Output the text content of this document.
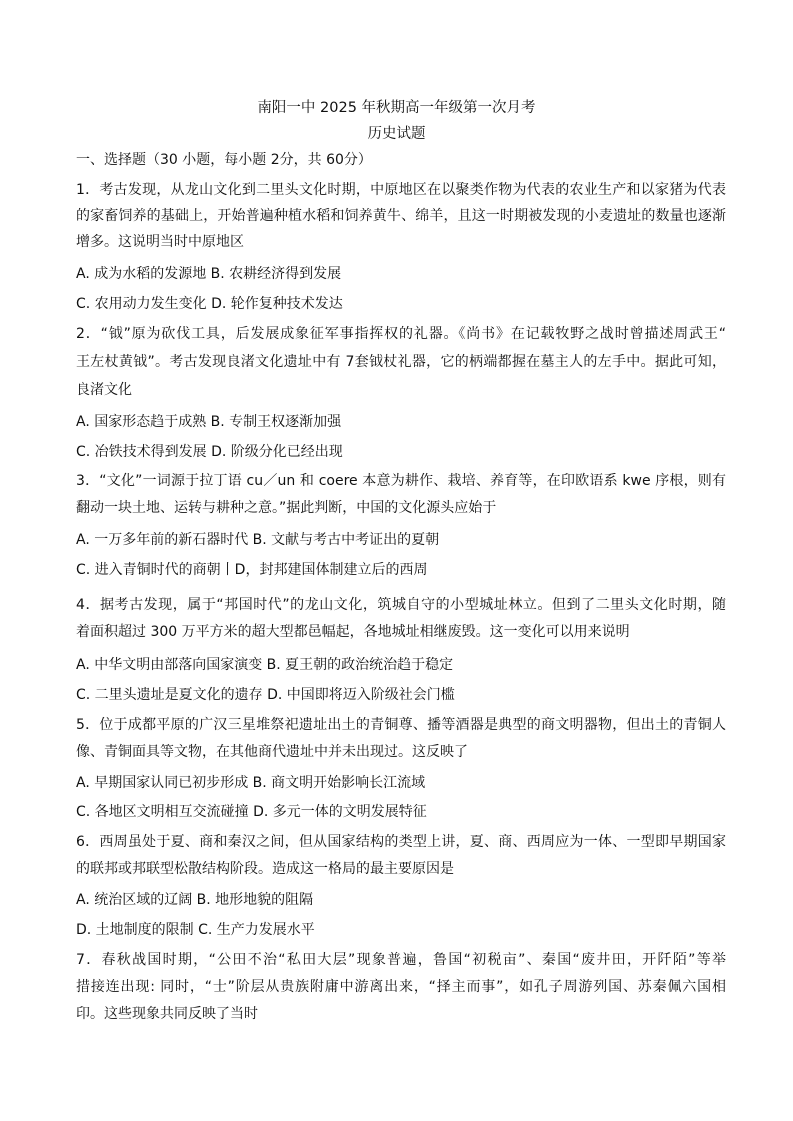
南阳一中 2025 年秋期高一年级第一次月考
历史试题
一、选择题（30 小题，每小题 2分，共 60分）
1．考古发现，从龙山文化到二里头文化时期，中原地区在以聚类作物为代表的农业生产和以家猪为代表
的家畜饲养的基础上，开始普遍种植水稻和饲养黄牛、绵羊，且这一时期被发现的小麦遗址的数量也逐渐
增多。这说明当时中原地区
A. 成为水稻的发源地 B. 农耕经济得到发展
C. 农用动力发生变化 D. 轮作复种技术发达
2．“钺”原为砍伐工具，后发展成象征军事指挥权的礼器。《尚书》在记载牧野之战时曾描述周武王“
王左杖黄钺”。考古发现良渚文化遗址中有 7套钺杖礼器，它的柄端都握在墓主人的左手中。据此可知，
良渚文化
A. 国家形态趋于成熟 B. 专制王权逐渐加强
C. 冶铁技术得到发展 D. 阶级分化已经出现
3．“文化”一词源于拉丁语 cu／un 和 coere 本意为耕作、栽培、养育等，在印欧语系 kwe 序根，则有
翻动一块土地、运转与耕种之意。”据此判断，中国的文化源头应始于
A. 一万多年前的新石器时代 B. 文献与考古中考证出的夏朝
C. 进入青铜时代的商朝丨D，封邦建国体制建立后的西周
4．据考古发现，属于“邦国时代”的龙山文化，筑城自守的小型城址林立。但到了二里头文化时期，随
着面积超过 300 万平方米的超大型都邑幅起，各地城址相继废毁。这一变化可以用来说明
A. 中华文明由部落向国家演变 B. 夏王朝的政治统治趋于稳定
C. 二里头遗址是夏文化的遗存 D. 中国即将迈入阶级社会门槛
5．位于成都平原的广汉三星堆祭祀遗址出土的青铜尊、播等酒器是典型的商文明器物，但出土的青铜人
像、青铜面具等文物，在其他商代遗址中并未出现过。这反映了
A. 早期国家认同已初步形成 B. 商文明开始影响长江流域
C. 各地区文明相互交流碰撞 D. 多元一体的文明发展特征
6．西周虽处于夏、商和秦汉之间，但从国家结构的类型上讲，夏、商、西周应为一体、一型即早期国家
的联邦或邦联型松散结构阶段。造成这一格局的最主要原因是
A. 统治区域的辽阔 B. 地形地貌的阻隔
D. 土地制度的限制 C. 生产力发展水平
7．春秋战国时期，“公田不治“私田大层”现象普遍，鲁国“初税亩”、秦国“废井田，开阡陌”等举
措接连出现: 同时，“士”阶层从贵族附庸中游离出来，“择主而事”，如孔子周游列国、苏秦佩六国相
印。这些现象共同反映了当时
